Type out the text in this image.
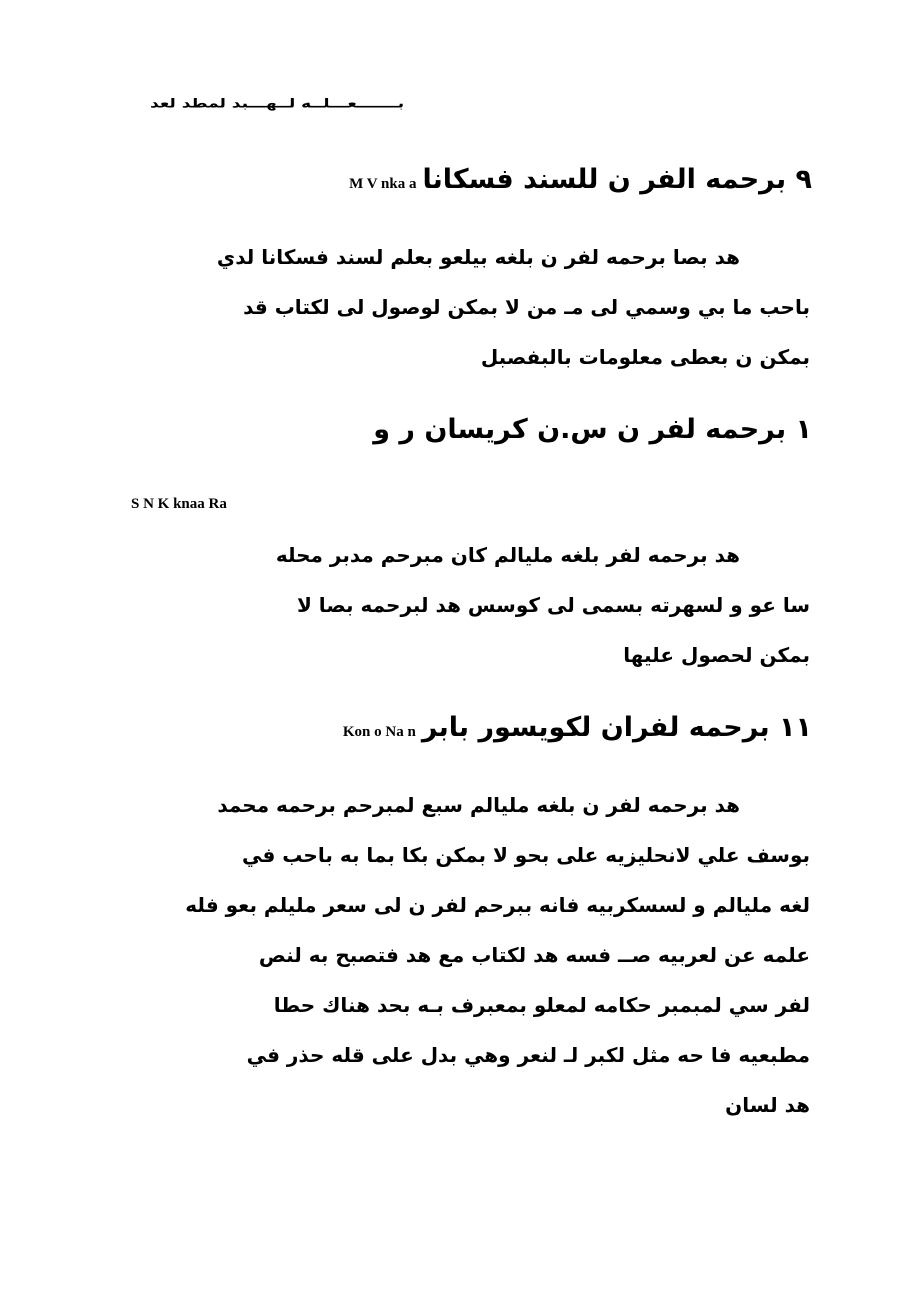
بـــــــعـــلــه لــهـــبد لمطد لعد
٩ برحمه الفر ن للسند فسكاناM V nka a
هد بصا برحمه لفر ن بلغه بيلعو بعلم لسند فسكانا لدي
باحب ما بي وسمي لى مـ من لا بمكن لوصول لى لكتاب قد
بمكن ن بعطى معلومات بالبفصبل
١ برحمه لفر ن س.ن كريسان ر و
S N K knaa Ra
هد برحمه لفر بلغه مليالم كان مبرحم مدبر محله
سا عو و لسهرته بسمى لى كوسس هد لبرحمه بصا لا
بمكن لحصول عليها
١١ برحمه لفران لكويسور بابرKon o Na n
هد برحمه لفر ن بلغه مليالم سبع لمبرحم برحمه محمد
بوسف علي لانحليزيه على بحو لا بمكن بكا بما به باحب في
لغه مليالم و لسسكربيه فانه ببرحم لفر ن لى سعر مليلم بعو فله
علمه عن لعربيه صــ فسه هد لكتاب مع هد فتصبح به لنص
لفر سي لمبمبر حكامه لمعلو بمعبرف بـه بحد هناك حطا
مطبعيه فا حه مثل لكبر لـ لنعر وهي بدل على قله حذر في
هد لسان
